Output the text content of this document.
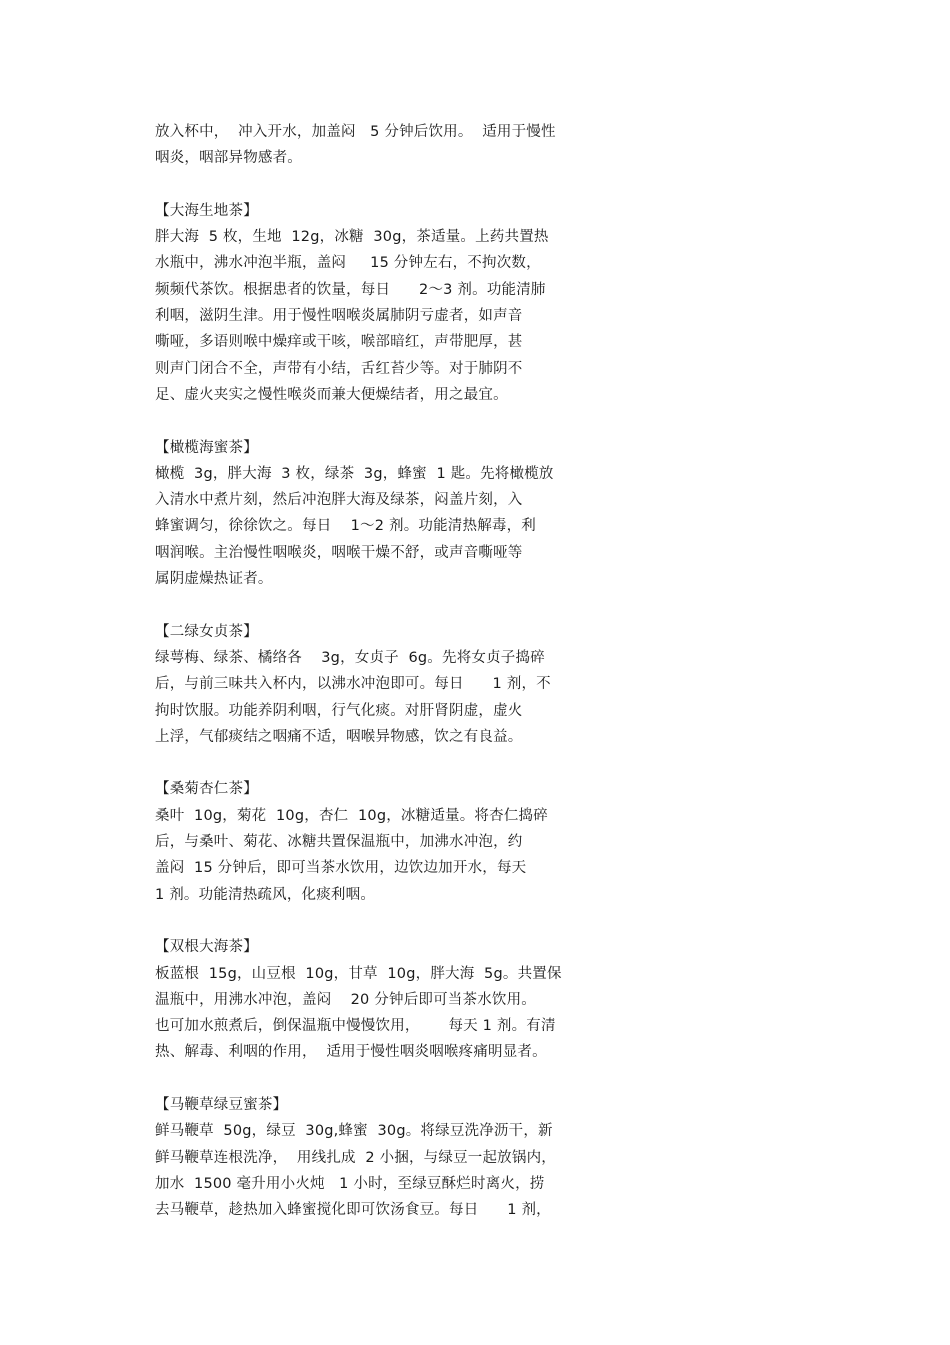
放入杯中，  冲入开水，加盖闷   5 分钟后饮用。  适用于慢性
咽炎，咽部异物感者。
【大海生地茶】
胖大海  5 枚，生地  12g，冰糖  30g，茶适量。上药共置热
水瓶中，沸水冲泡半瓶，盖闷     15 分钟左右，不拘次数，
频频代茶饮。根据患者的饮量，每日      2～3 剂。功能清肺
利咽，滋阴生津。用于慢性咽喉炎属肺阴亏虚者，如声音
嘶哑，多语则喉中燥痒或干咳，喉部暗红，声带肥厚，甚
则声门闭合不全，声带有小结，舌红苔少等。对于肺阴不
足、虚火夹实之慢性喉炎而兼大便燥结者，用之最宜。
【橄榄海蜜茶】
橄榄  3g，胖大海  3 枚，绿茶  3g，蜂蜜  1 匙。先将橄榄放
入清水中煮片刻，然后冲泡胖大海及绿茶，闷盖片刻，入
蜂蜜调匀，徐徐饮之。每日    1～2 剂。功能清热解毒，利
咽润喉。主治慢性咽喉炎，咽喉干燥不舒，或声音嘶哑等
属阴虚燥热证者。
【二绿女贞茶】
绿萼梅、绿茶、橘络各    3g，女贞子  6g。先将女贞子捣碎
后，与前三味共入杯内，以沸水冲泡即可。每日      1 剂，不
拘时饮服。功能养阴利咽，行气化痰。对肝肾阴虚，虚火
上浮，气郁痰结之咽痛不适，咽喉异物感，饮之有良益。
【桑菊杏仁茶】
桑叶  10g，菊花  10g，杏仁  10g，冰糖适量。将杏仁捣碎
后，与桑叶、菊花、冰糖共置保温瓶中，加沸水冲泡，约
盖闷  15 分钟后，即可当茶水饮用，边饮边加开水，每天
1 剂。功能清热疏风，化痰利咽。
【双根大海茶】
板蓝根  15g，山豆根  10g，甘草  10g，胖大海  5g。共置保
温瓶中，用沸水冲泡，盖闷    20 分钟后即可当茶水饮用。
也可加水煎煮后，倒保温瓶中慢慢饮用，      每天 1 剂。有清
热、解毒、利咽的作用，  适用于慢性咽炎咽喉疼痛明显者。
【马鞭草绿豆蜜茶】
鲜马鞭草  50g，绿豆  30g,蜂蜜  30g。将绿豆洗净沥干，新
鲜马鞭草连根洗净，  用线扎成  2 小捆，与绿豆一起放锅内，
加水  1500 毫升用小火炖   1 小时，至绿豆酥烂时离火，捞
去马鞭草，趁热加入蜂蜜搅化即可饮汤食豆。每日      1 剂，
